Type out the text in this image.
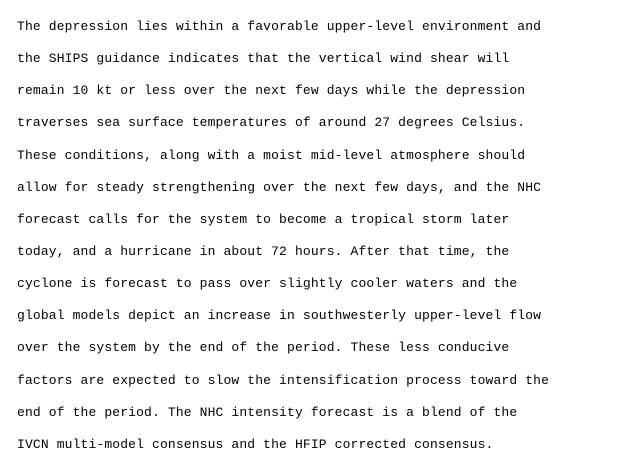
The depression lies within a favorable upper-level environment and
the SHIPS guidance indicates that the vertical wind shear will
remain 10 kt or less over the next few days while the depression
traverses sea surface temperatures of around 27 degrees Celsius.
These conditions, along with a moist mid-level atmosphere should
allow for steady strengthening over the next few days, and the NHC
forecast calls for the system to become a tropical storm later
today, and a hurricane in about 72 hours. After that time, the
cyclone is forecast to pass over slightly cooler waters and the
global models depict an increase in southwesterly upper-level flow
over the system by the end of the period. These less conducive
factors are expected to slow the intensification process toward the
end of the period. The NHC intensity forecast is a blend of the
IVCN multi-model consensus and the HFIP corrected consensus.
